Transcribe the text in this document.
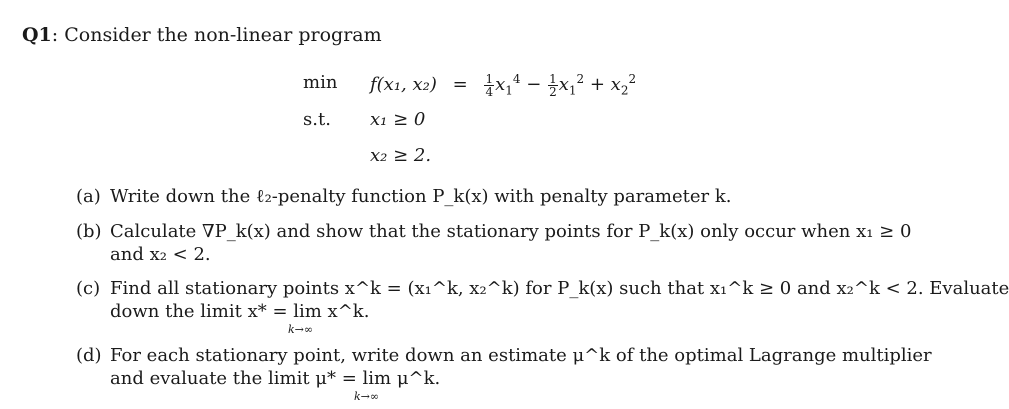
Q1: Consider the non-linear program
min f(x₁, $x_2) = \frac{1}{4} x_1^4 - \frac{1}{2} x_1^2 + x_2^2$
s.t. x₁ ≥ 0
x₂ ≥ 2.
(a) Write down the ℓ₂-penalty function P_k(x) with penalty parameter k.
(b) Calculate ∇P_k(x) and show that the stationary points for P_k(x) only occur when x₁ ≥ 0
and x₂ < 2.
(c) Find all stationary points x^k = (x₁^k, x₂^k) for P_k(x) such that x₁^k ≥ 0 and x₂^k < 2. Evaluate
down the limit x* = lim x^k.
k→∞
(d) For each stationary point, write down an estimate μ^k of the optimal Lagrange multiplier
and evaluate the limit μ* = lim μ^k.
k→∞
